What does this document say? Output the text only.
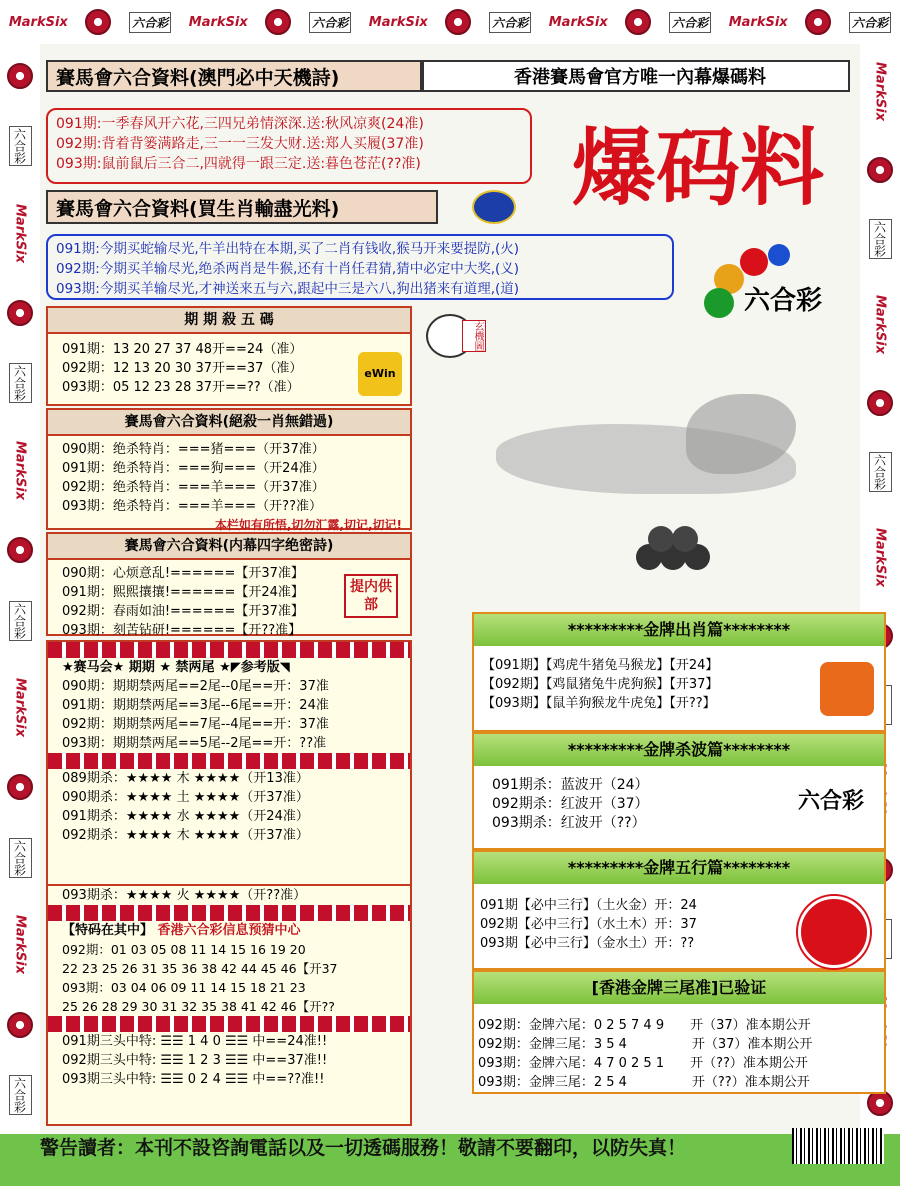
MarkSix	六合彩 MarkSix	六合彩 MarkSix	六合彩 MarkSix	六合彩 MarkSix	六合彩
六合彩
MarkSix
六合彩
MarkSix
六合彩
MarkSix
六合彩
MarkSix
六合彩
MarkSix
六合彩
MarkSix
六合彩
MarkSix
賽馬會六合資料(澳門必中天機詩)	香港賽馬會官方唯一內幕爆碼料
091期:一季春风开六花,三四兄弟情深深.送:秋风凉爽(24准)
092期:背着背篓满路走,三一一三发大财.送:郑人买履(37准)
093期:鼠前鼠后三合二,四就得一跟三定.送:暮色苍茫(??准)
賽馬會六合資料(買生肖輸盡光料)	爆码料
091期:今期买蛇输尽光,牛羊出特在本期,买了二肖有钱收,猴马开来要提防,(火)
092期:今期买羊输尽光,绝杀两肖是牛猴,还有十肖任君猜,猜中必定中大奖,(义)
093期:今期买羊输尽光,才神送来五与六,跟起中三是六八,狗出猪来有道理,(道)	六合彩
期 期 殺 五 碼
091期：13 20 27 37 48开==24（准）
092期：12 13 20 30 37开==37（准）
093期：05 12 23 28 37开==??（准）
eWin
賽馬會六合資料(絕殺一肖無錯過)
090期：绝杀特肖：===猪===（开37准）
091期：绝杀特肖：===狗===（开24准）
092期：绝杀特肖：===羊===（开37准）
093期：绝杀特肖：===羊===（开??准）
本栏如有所悟,切勿汇露,切记,切记!
賽馬會六合資料(内幕四字绝密詩)
090期：心烦意乱!======【开37准】
091期：熙熙攘攘!======【开24准】
092期：春雨如油!======【开37准】
093期：刻苦钻研!======【开??准】
提内供部
★赛马会★ 期期 ★ 禁两尾 ★◤参考版◥
090期：期期禁两尾==2尾--0尾==开：37准
091期：期期禁两尾==3尾--6尾==开：24准
092期：期期禁两尾==7尾--4尾==开：37准
093期：期期禁两尾==5尾--2尾==开：??准
089期杀：★★★★ 木 ★★★★（开13准）
090期杀：★★★★ 土 ★★★★（开37准）
091期杀：★★★★ 水 ★★★★（开24准）
092期杀：★★★★ 木 ★★★★（开37准）
093期杀：★★★★ 火 ★★★★（开??准）
【特码在其中】 香港六合彩信息预猜中心
092期：01 03 05 08 11 14 15 16 19 20
22 23 25 26 31 35 36 38 42 44 45 46【开37
093期：03 04 06 09 11 14 15 18 21 23
25 26 28 29 30 31 32 35 38 41 42 46【开??
091期三头中特: ☰☰ 1 4 0 ☰☰ 中==24准!!
092期三头中特: ☰☰ 1 2 3 ☰☰ 中==37准!!
093期三头中特: ☰☰ 0 2 4 ☰☰ 中==??准!!
玄機圖
*********金牌出肖篇********
【091期】【鸡虎牛猪兔马猴龙】【开24】
【092期】【鸡鼠猪兔牛虎狗猴】【开37】
【093期】【鼠羊狗猴龙牛虎兔】【开??】
*********金牌杀波篇********
091期杀：蓝波开（24）
092期杀：红波开（37）
093期杀：红波开（??）
六合彩
*********金牌五行篇********
091期【必中三行】（土火金）开：24
092期【必中三行】（水土木）开：37
093期【必中三行】（金水土）开：??
[香港金牌三尾准]已验证
092期：金牌六尾：0 2 5 7 4 9　　开（37）准本期公开
092期：金牌三尾：3 5 4　　　　　开（37）准本期公开
093期：金牌六尾：4 7 0 2 5 1　　开（??）准本期公开
093期：金牌三尾：2 5 4　　　　　开（??）准本期公开
警告讀者：本刊不設咨詢電話以及一切透碼服務！敬請不要翻印，以防失真！
